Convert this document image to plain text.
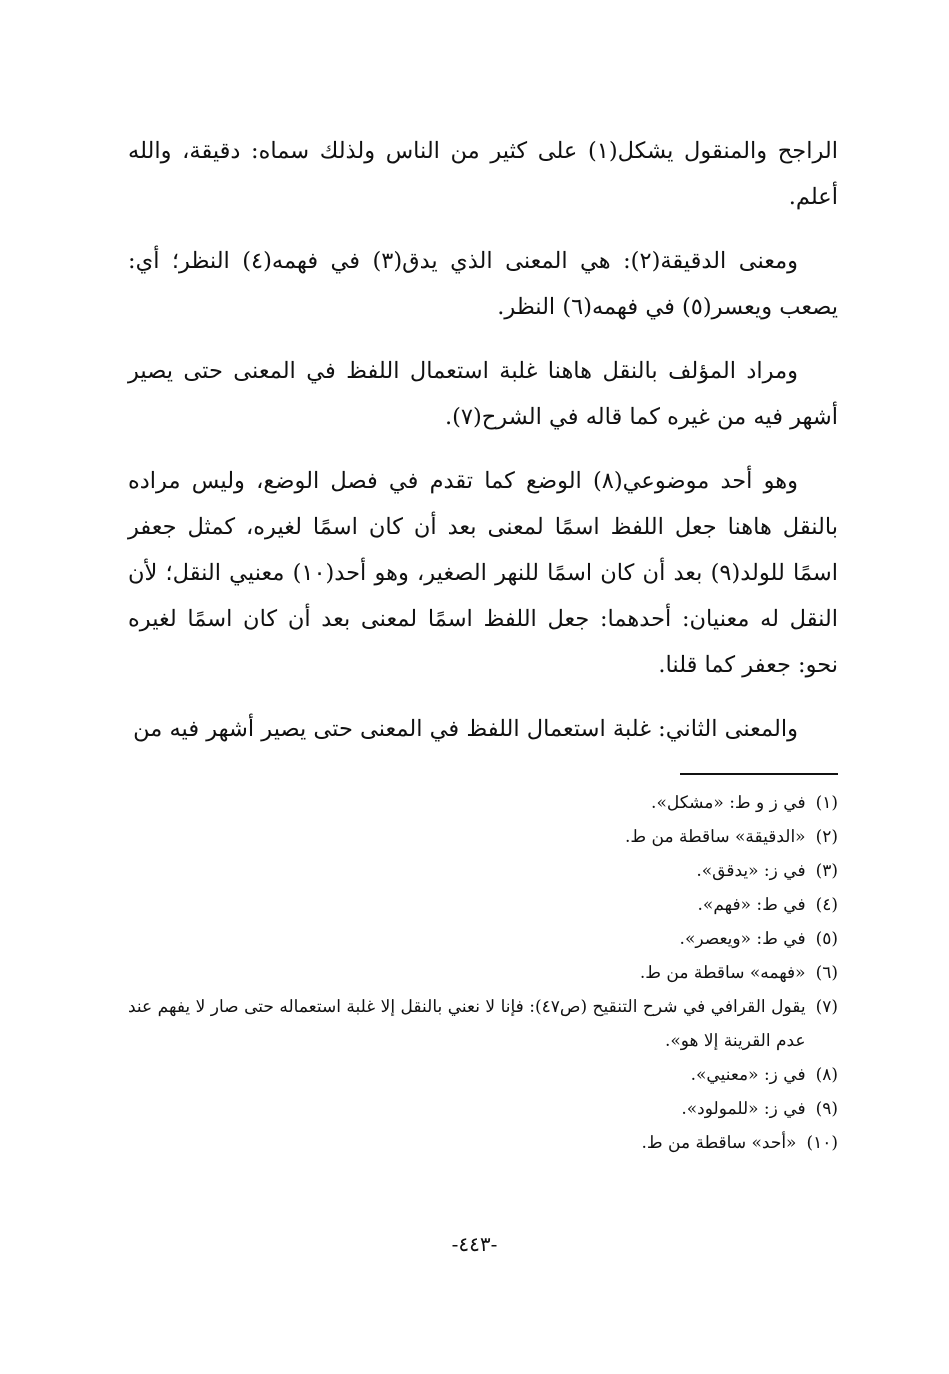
الراجح والمنقول يشكل(١) على كثير من الناس ولذلك سماه: دقيقة، والله أعلم.

ومعنى الدقيقة(٢): هي المعنى الذي يدق(٣) في فهمه(٤) النظر؛ أي: يصعب ويعسر(٥) في فهمه(٦) النظر.

ومراد المؤلف بالنقل هاهنا غلبة استعمال اللفظ في المعنى حتى يصير أشهر فيه من غيره كما قاله في الشرح(٧).

وهو أحد موضوعي(٨) الوضع كما تقدم في فصل الوضع، وليس مراده بالنقل هاهنا جعل اللفظ اسمًا لمعنى بعد أن كان اسمًا لغيره، كمثل جعفر اسمًا للولد(٩) بعد أن كان اسمًا للنهر الصغير، وهو أحد(١٠) معنيي النقل؛ لأن النقل له معنيان: أحدهما: جعل اللفظ اسمًا لمعنى بعد أن كان اسمًا لغيره نحو: جعفر كما قلنا.

والمعنى الثاني: غلبة استعمال اللفظ في المعنى حتى يصير أشهر فيه من

(١)
في ز و ط: «مشكل».
(٢)
«الدقيقة» ساقطة من ط.
(٣)
في ز: «يدقق».
(٤)
في ط: «فهم».
(٥)
في ط: «ويعصر».
(٦)
«فهمه» ساقطة من ط.
(٧)
يقول القرافي في شرح التنقيح (ص٤٧): فإنا لا نعني بالنقل إلا غلبة استعماله حتى صار لا يفهم عند عدم القرينة إلا هو».
(٨)
في ز: «معنيي».
(٩)
في ز: «للمولود».
(١٠)
«أحد» ساقطة من ط.
-٤٤٣-
